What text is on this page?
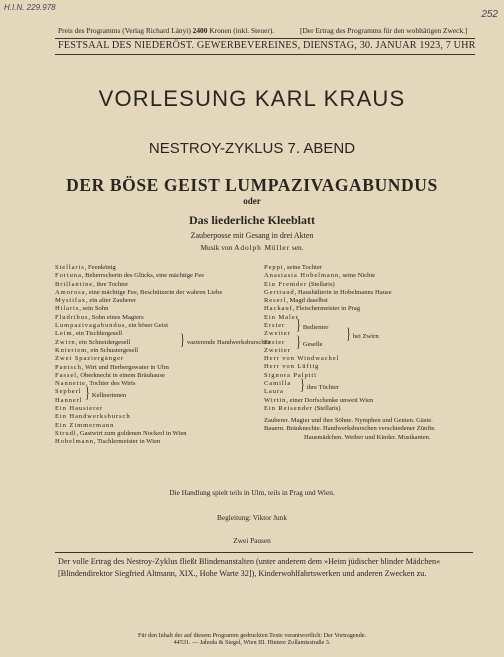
H.I.N. 229.978
252
Preis des Programms (Verlag Richard Lányi) 2400 Kronen (inkl. Steuer).	[Der Ertrag des Programms für den wohltätigen Zweck.]
FESTSAAL DES NIEDERÖST. GEWERBEVEREINES, DIENSTAG, 30. JANUAR 1923, 7 UHR
VORLESUNG KARL KRAUS
NESTROY-ZYKLUS 7. ABEND
DER BÖSE GEIST LUMPAZIVAGABUNDUS
oder
Das liederliche Kleeblatt
Zauberposse mit Gesang in drei Akten
Musik von Adolph Müller sen.
Stellaris, Feenkönig
Fortuna, Beherrscherin des Glücks, eine mächtige Fee
Brillantine, ihre Tochter
Amorosa, eine mächtige Fee, Beschützerin der wahren Liebe
Mystifax, ein alter Zauberer
Hilaris, sein Sohn
Fludribus, Sohn eines Magiers
Lumpazivagabundus, ein böser Geist
Leim, ein Tischlergesell
Zwirn, ein Schneidergesell
Knieriem, ein Schustergesell
} vazierende Handwerksburschen
Zwei Spaziergänger
Pantsch, Wirt und Herbergswater in Ulm
Fassel, Oberknecht in einem Bräuhause
Nannette, Tochter des Wirts
Sepherl
Hannerl } Kellnerinnen
Ein Hausierer
Ein Handwerksbursch
Ein Zimmermann
Strudl, Gastwirt zum goldenen Nockerl in Wien
Hobelmann, Tischlermeister in Wien
Peppi, seine Tochter
Anastasia Hobelmann, seine Nichte
Ein Fremder (Stellaris)
Gertraud, Haushälterin in Hobelmanns Hause
Reserl, Magd daselbst
Hackauf, Fleischermeister in Prag
Ein Maler
Erster
Zweiter
Erster
Zweiter
} Bedienter
} Geselle
} bei Zwirn
Herr von Windwachel
Herr von Lüftig
Signora Palpiti
Camilla
Laura	} ihre Töchter
Wirtin, einer Dorfschenke unweit Wien
Ein Reisender (Stellaris)
Zauberer. Magier und ihre Söhne. Nymphen und Genien. Gäste.
Bauern. Bräuknechte. Handwerksburschen verschiedener Zünfte.
Hausmädchen. Weiber und Kinder. Musikanten.
Die Handlung spielt teils in Ulm, teils in Prag und Wien.
Begleitung: Viktor Junk
Zwei Pausen
Der volle Ertrag des Nestroy-Zyklus fließt Blindenanstalten (unter anderem dem »Heim jüdischer blinder Mädchen«
[Blindendirektor Siegfried Altmann, XIX., Hohe Warte 32]), Kinderwohlfahrtswerken und anderen Zwecken zu.
Für den Inhalt der auf diesem Programm gedruckten Texte verantwortlich: Der Vortragende.
44531. — Jahoda & Siegel, Wien III. Hintere Zollamtsstraße 3.
